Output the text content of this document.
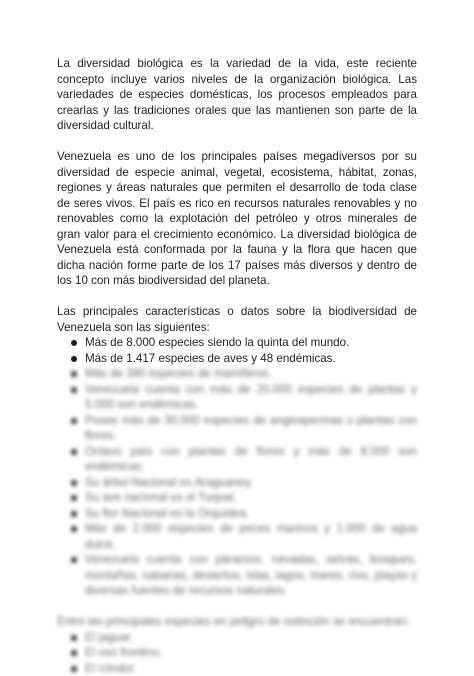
La diversidad biológica es la variedad de la vida, este reciente concepto incluye varios niveles de la organización biológica. Las variedades de especies domésticas, los procesos empleados para crearlas y las tradiciones orales que las mantienen son parte de la diversidad cultural.

Venezuela es uno de los principales países megadiversos por su diversidad de especie animal, vegetal, ecosistema, hábitat, zonas, regiones y áreas naturales que permiten el desarrollo de toda clase de seres vivos. El país es rico en recursos naturales renovables y no renovables como la explotación del petróleo y otros minerales de gran valor para el crecimiento económico. La diversidad biológica de Venezuela está conformada por la fauna y la flora que hacen que dicha nación forme parte de los 17 países más diversos y dentro de los 10 con más biodiversidad del planeta.

Las principales características o datos sobre la biodiversidad de Venezuela son las siguientes:

Más de 8.000 especies siendo la quinta del mundo.
Más de 1.417 especies de aves y 48 endémicas.
Más de 390 especies de mamíferos.
Venezuela cuenta con más de 20.000 especies de plantas y 5.000 son endémicas.
Posee más de 30.000 especies de angiospermas o plantas con flores.
Octavo país con plantas de flores y más de 8.000 son endémicas.
Su árbol Nacional es Araguaney.
Su ave nacional es el Turpial.
Su flor Nacional es la Orquídea.
Más de 2.000 especies de peces marinos y 1.000 de agua dulce.
Venezuela cuenta con páramos, nevadas, selvas, bosques, montañas, sabanas, desiertos, islas, lagos, mares, ríos, playas y diversas fuentes de recursos naturales.

Entre las principales especies en peligro de extinción se encuentran:

El jaguar.
El oso frontino.
El cóndor.
